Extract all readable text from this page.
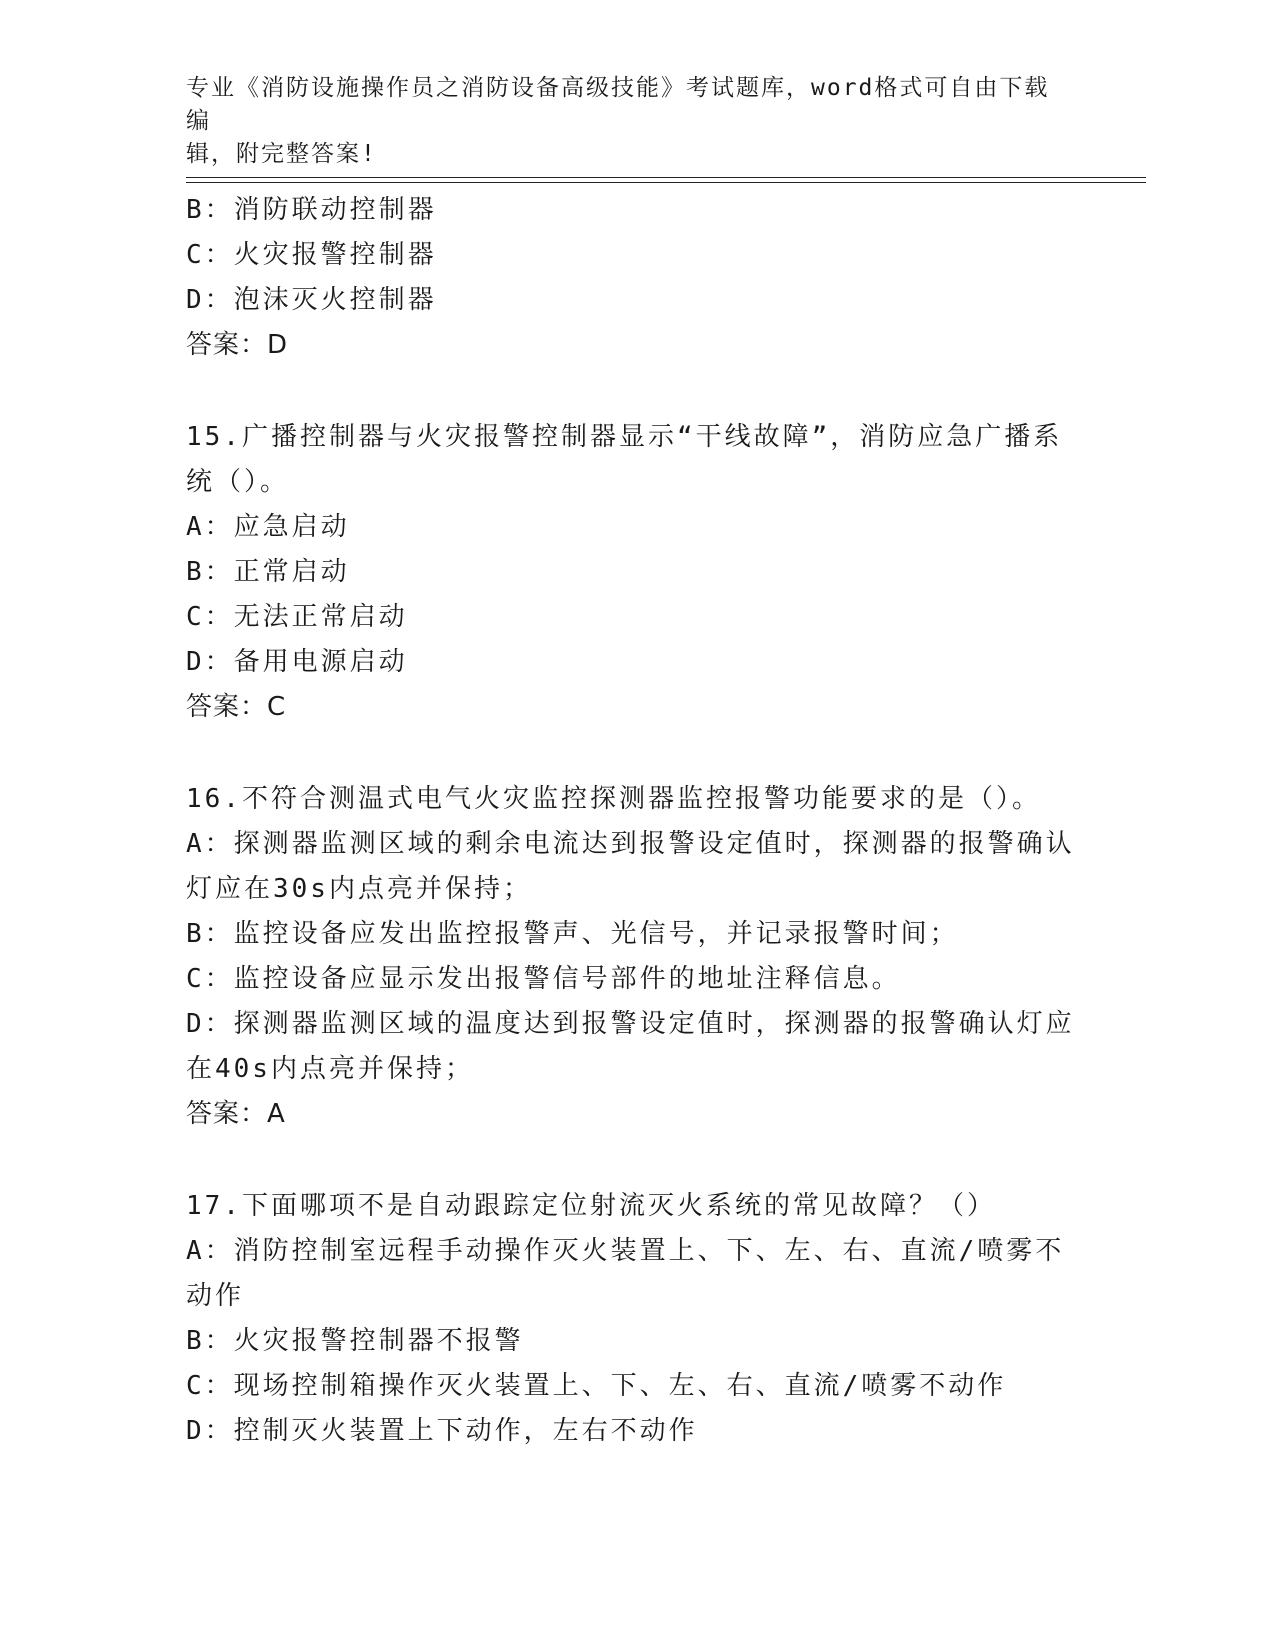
专业《消防设施操作员之消防设备高级技能》考试题库，word格式可自由下载编
辑，附完整答案!
B：消防联动控制器
C：火灾报警控制器
D：泡沫灭火控制器
答案：D
15.广播控制器与火灾报警控制器显示“干线故障”，消防应急广播系
统（）。
A：应急启动
B：正常启动
C：无法正常启动
D：备用电源启动
答案：C
16.不符合测温式电气火灾监控探测器监控报警功能要求的是（）。
A：探测器监测区域的剩余电流达到报警设定值时，探测器的报警确认
灯应在30s内点亮并保持；
B：监控设备应发出监控报警声、光信号，并记录报警时间；
C：监控设备应显示发出报警信号部件的地址注释信息。
D：探测器监测区域的温度达到报警设定值时，探测器的报警确认灯应
在40s内点亮并保持；
答案：A
17.下面哪项不是自动跟踪定位射流灭火系统的常见故障？（）
A：消防控制室远程手动操作灭火装置上、下、左、右、直流/喷雾不
动作
B：火灾报警控制器不报警
C：现场控制箱操作灭火装置上、下、左、右、直流/喷雾不动作
D：控制灭火装置上下动作，左右不动作
